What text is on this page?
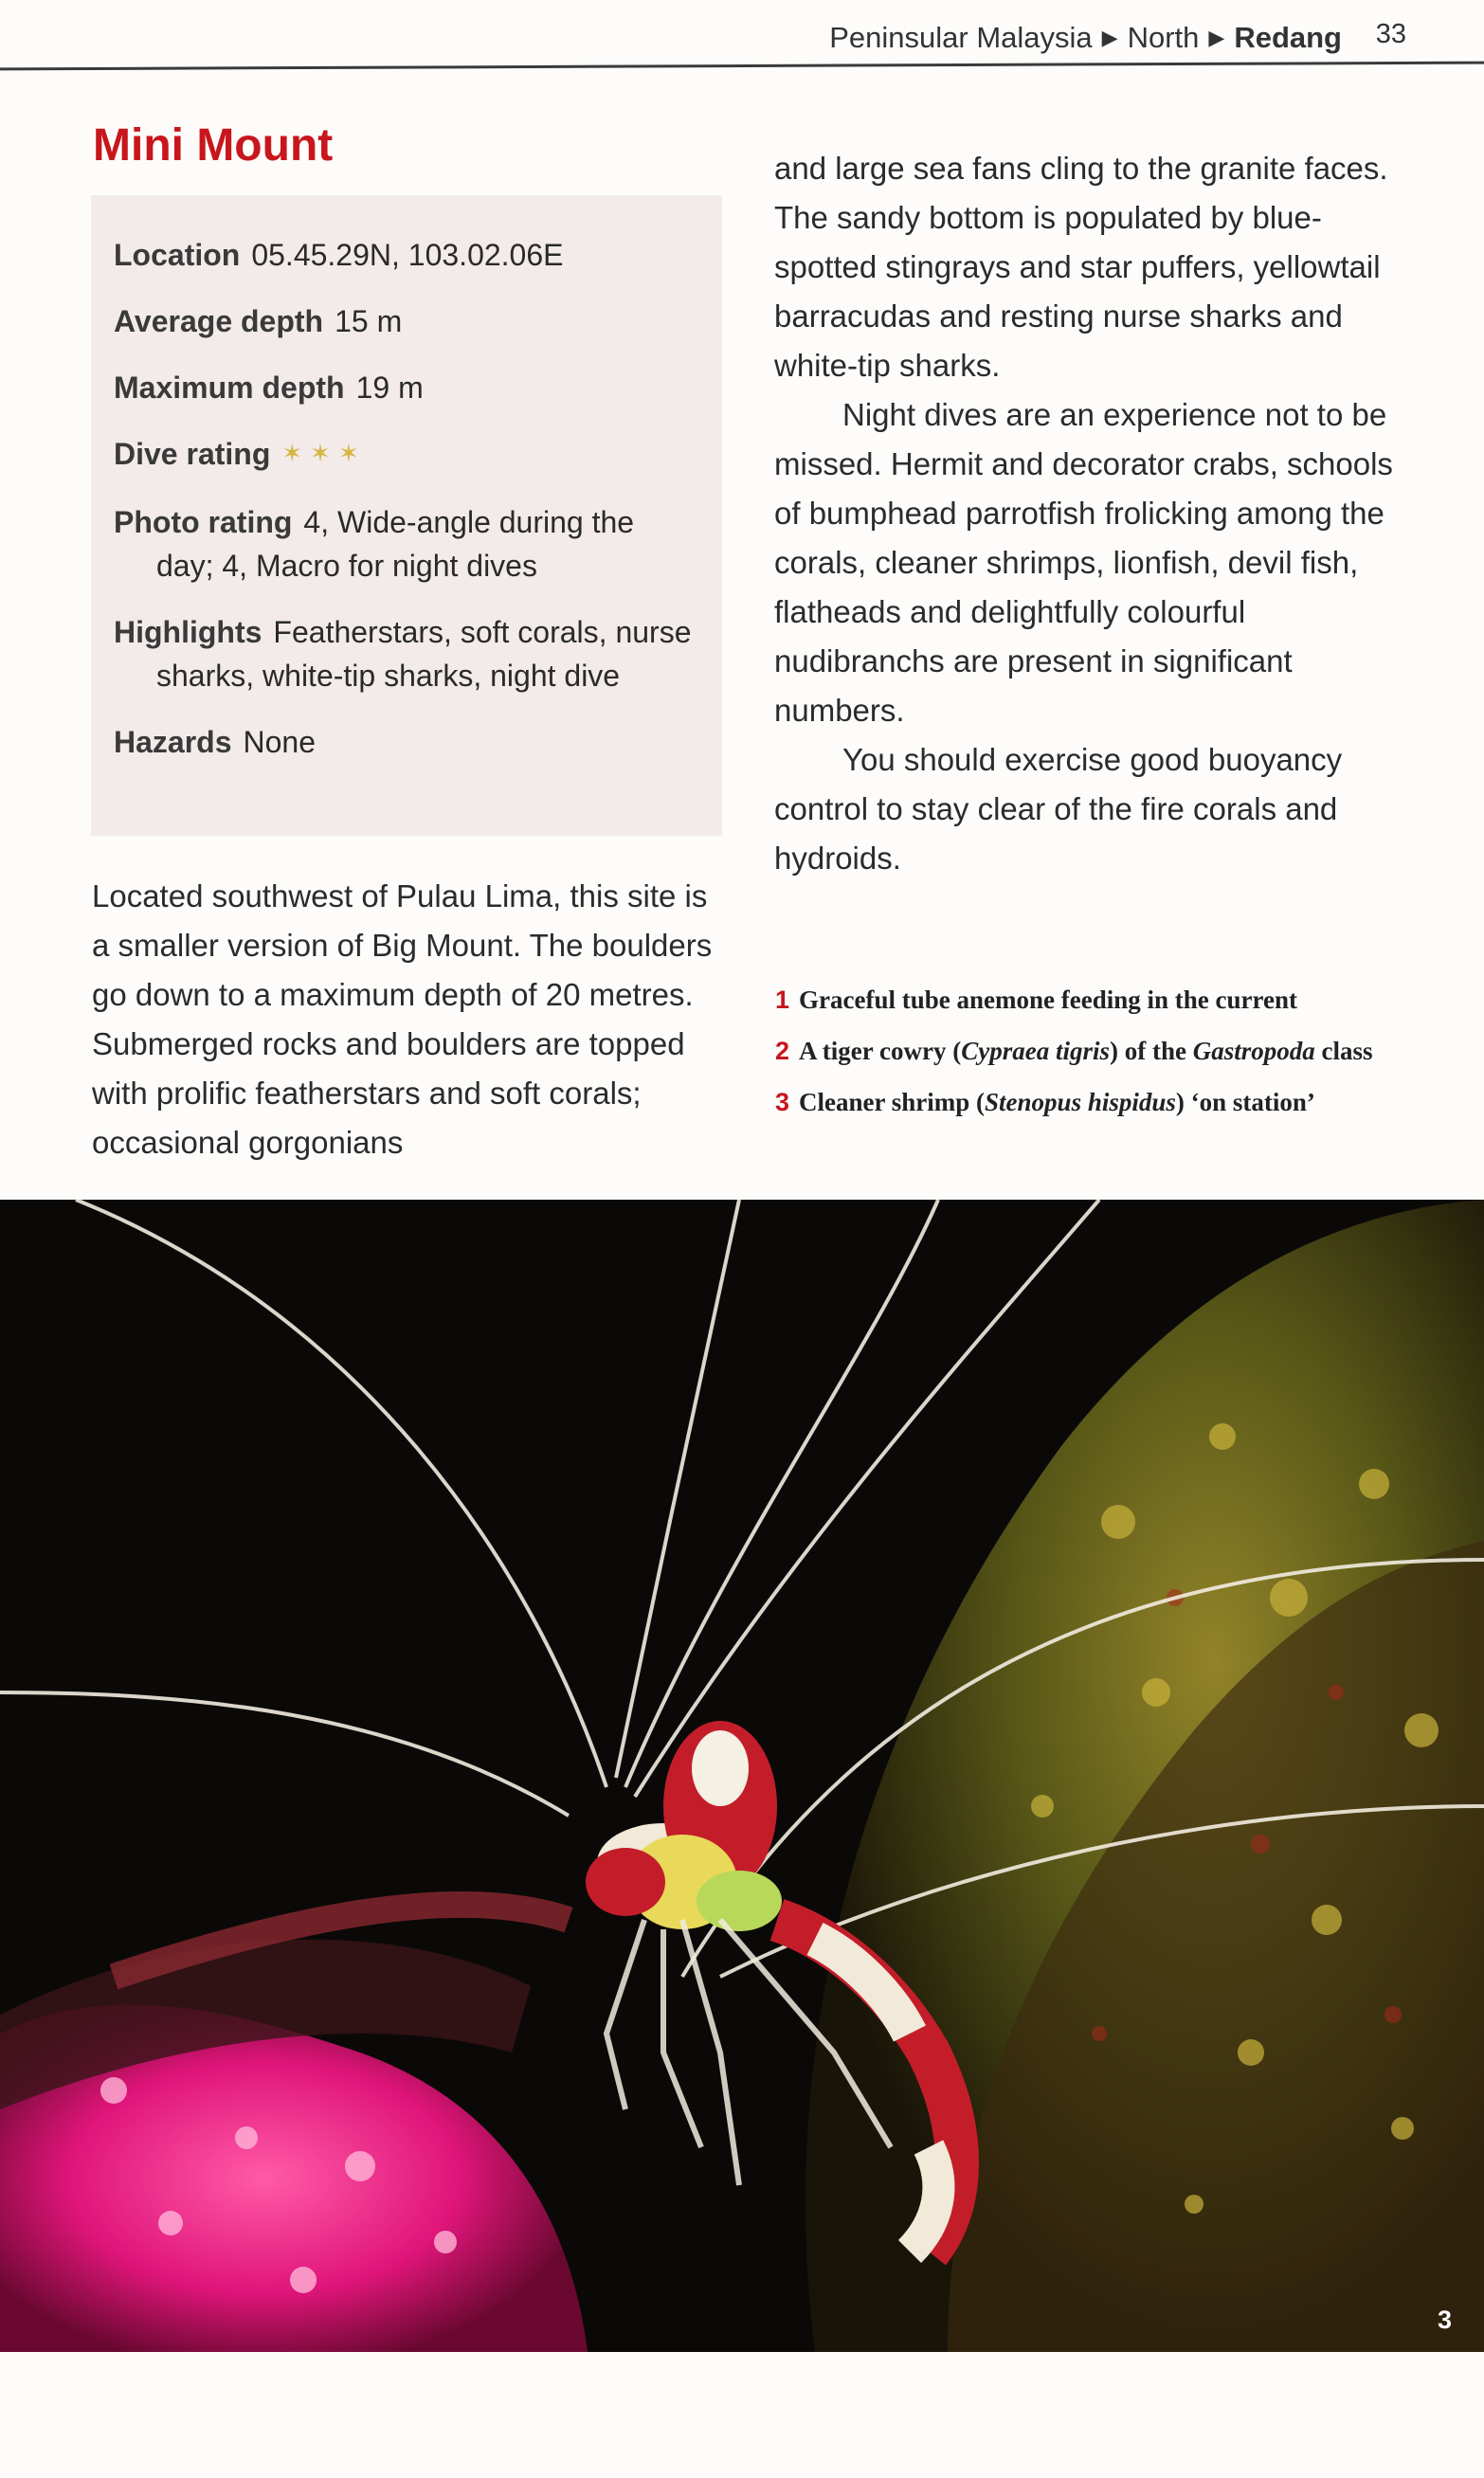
Peninsular Malaysia ▶ North ▶ Redang 33
Mini Mount
Location 05.45.29N, 103.02.06E
Average depth 15 m
Maximum depth 19 m
Dive rating ✶✶✶
Photo rating 4, Wide-angle during the day; 4, Macro for night dives
Highlights Featherstars, soft corals, nurse sharks, white-tip sharks, night dive
Hazards None

Located southwest of Pulau Lima, this site is a smaller version of Big Mount. The boulders go down to a maximum depth of 20 metres. Submerged rocks and boulders are topped with prolific featherstars and soft corals; occasional gorgonians

and large sea fans cling to the granite faces. The sandy bottom is populated by blue-spotted stingrays and star puffers, yellowtail barracudas and resting nurse sharks and white-tip sharks.

Night dives are an experience not to be missed. Hermit and decorator crabs, schools of bumphead parrotfish frolicking among the corals, cleaner shrimps, lionfish, devil fish, flatheads and delightfully colourful nudibranchs are present in significant numbers.

You should exercise good buoyancy control to stay clear of the fire corals and hydroids.

1 Graceful tube anemone feeding in the current
2 A tiger cowry (Cypraea tigris) of the Gastropoda class
3 Cleaner shrimp (Stenopus hispidus) ‘on station’
3
